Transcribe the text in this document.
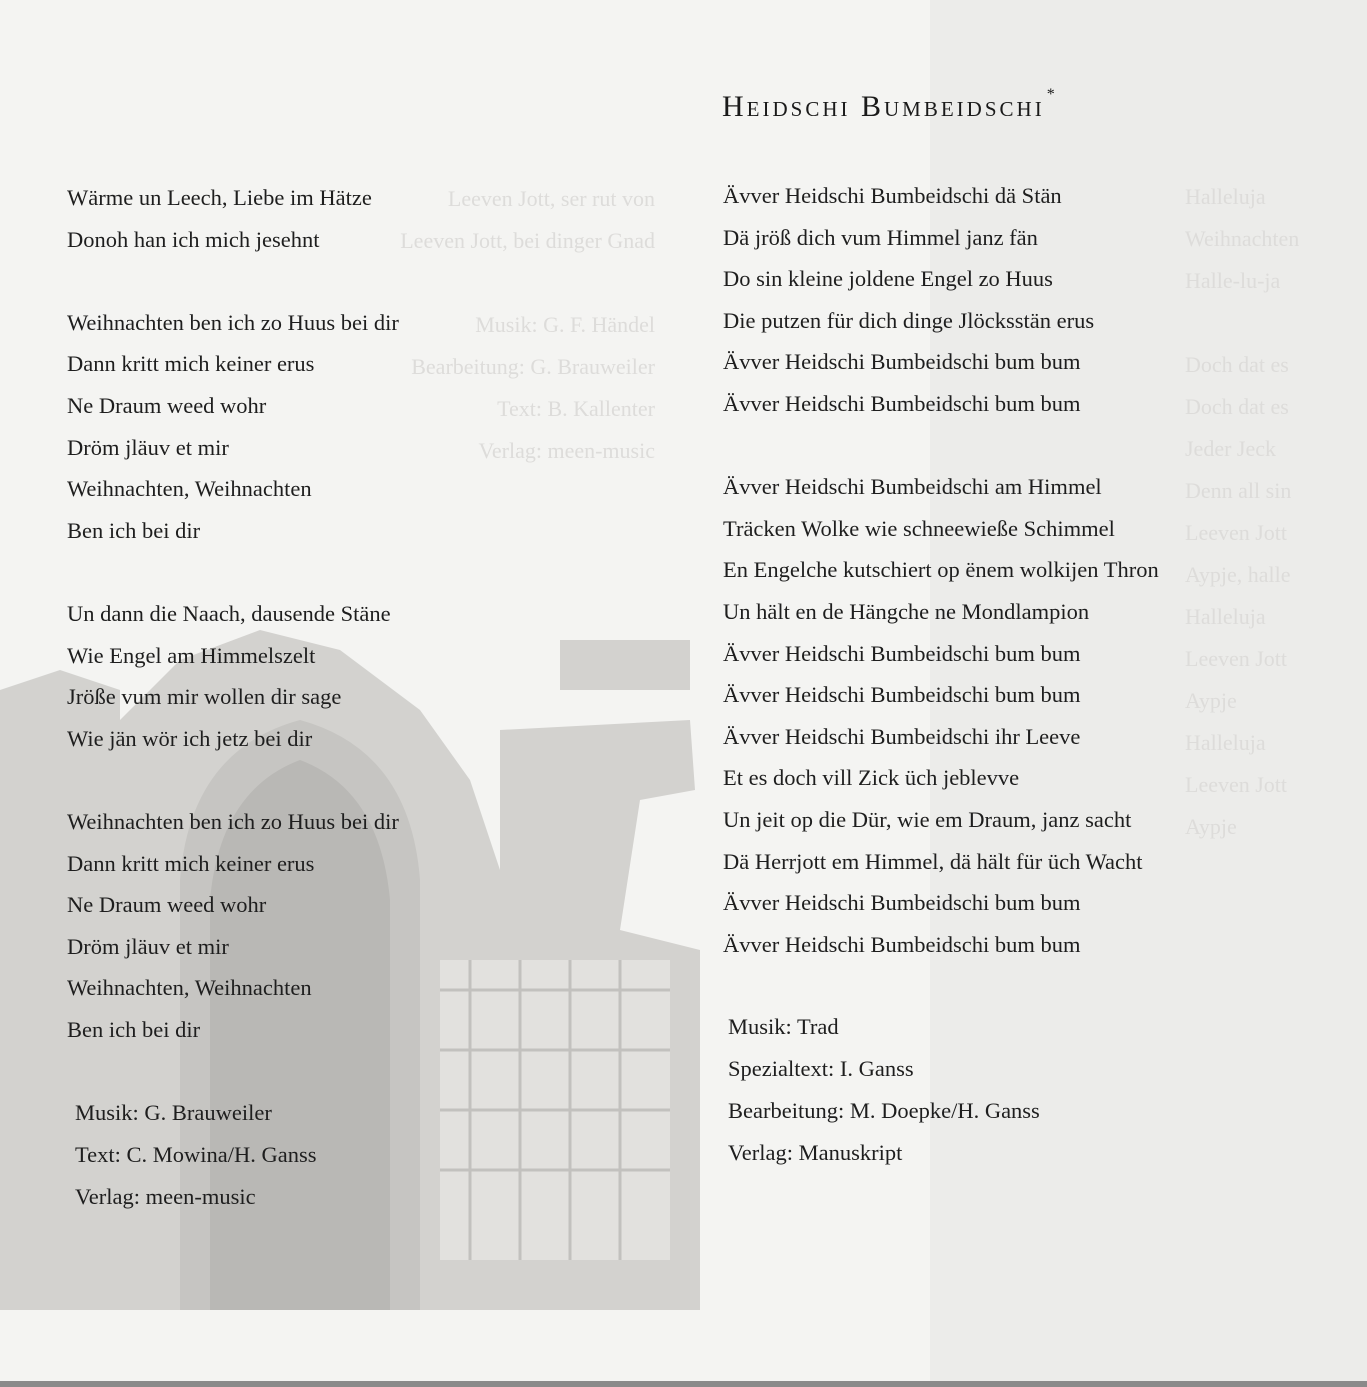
Leeven Jott, ser rut von
Leeven Jott, bei dinger Gnad

Musik: G. F. Händel
Bearbeitung: G. Brauweiler
Text: B. Kallenter
Verlag: meen-music
Halleluja
Weihnachten
Halle-lu-ja

Doch dat es
Doch dat es
Jeder Jeck
Denn all sin
Leeven Jott
Aypje, halle
Halleluja
Leeven Jott
Aypje
Halleluja
Leeven Jott
Aypje
Heidschi Bumbeidschi *
Wärme un Leech, Liebe im Hätze
Donoh han ich mich jesehnt
Weihnachten ben ich zo Huus bei dir
Dann kritt mich keiner erus
Ne Draum weed wohr
Dröm jläuv et mir
Weihnachten, Weihnachten
Ben ich bei dir
Un dann die Naach, dausende Stäne
Wie Engel am Himmelszelt
Jröße vum mir wollen dir sage
Wie jän wör ich jetz bei dir
Weihnachten ben ich zo Huus bei dir
Dann kritt mich keiner erus
Ne Draum weed wohr
Dröm jläuv et mir
Weihnachten, Weihnachten
Ben ich bei dir
Musik: G. Brauweiler
Text: C. Mowina/H. Ganss
Verlag: meen-music
Ävver Heidschi Bumbeidschi dä Stän
Dä jröß dich vum Himmel janz fän
Do sin kleine joldene Engel zo Huus
Die putzen für dich dinge Jlöcksstän erus
Ävver Heidschi Bumbeidschi bum bum
Ävver Heidschi Bumbeidschi bum bum
Ävver Heidschi Bumbeidschi am Himmel
Träcken Wolke wie schneewieße Schimmel
En Engelche kutschiert op ënem wolkijen Thron
Un hält en de Hängche ne Mondlampion
Ävver Heidschi Bumbeidschi bum bum
Ävver Heidschi Bumbeidschi bum bum
Ävver Heidschi Bumbeidschi ihr Leeve
Et es doch vill Zick üch jeblevve
Un jeit op die Dür, wie em Draum, janz sacht
Dä Herrjott em Himmel, dä hält für üch Wacht
Ävver Heidschi Bumbeidschi bum bum
Ävver Heidschi Bumbeidschi bum bum
Musik: Trad
Spezialtext: I. Ganss
Bearbeitung: M. Doepke/H. Ganss
Verlag: Manuskript
